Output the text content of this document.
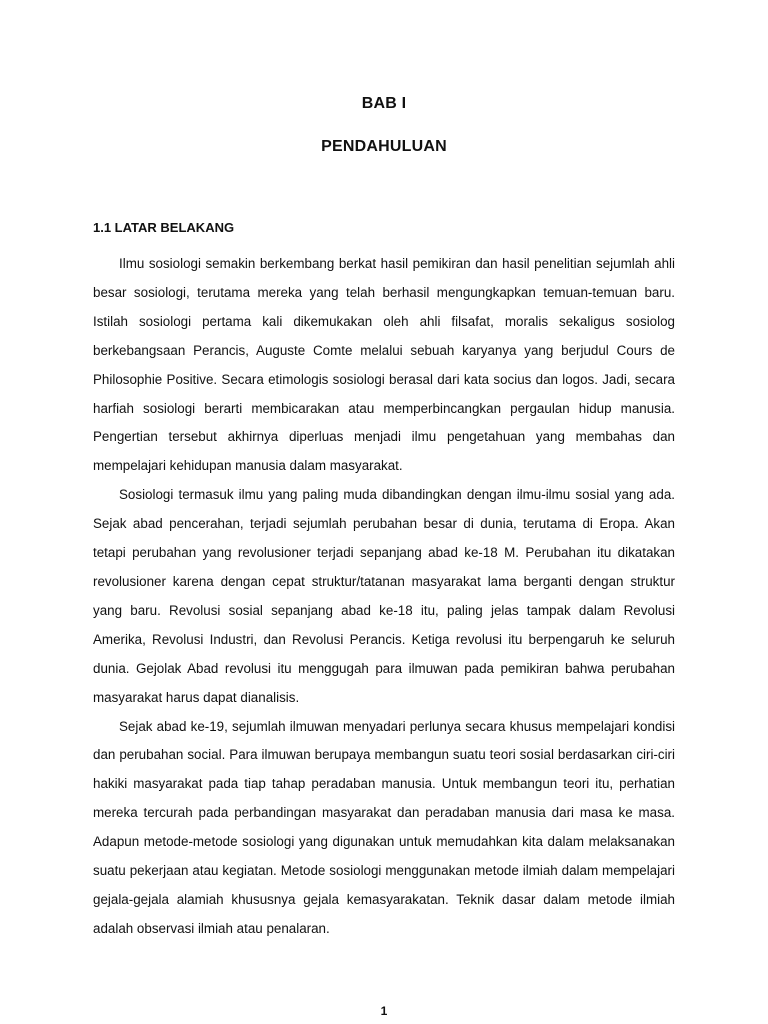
BAB I
PENDAHULUAN
1.1 LATAR BELAKANG

Ilmu sosiologi semakin berkembang berkat hasil pemikiran dan hasil penelitian sejumlah ahli besar sosiologi, terutama mereka yang telah berhasil mengungkapkan temuan-temuan baru. Istilah sosiologi pertama kali dikemukakan oleh ahli filsafat, moralis sekaligus sosiolog berkebangsaan Perancis, Auguste Comte melalui sebuah karyanya yang berjudul Cours de Philosophie Positive. Secara etimologis sosiologi berasal dari kata socius dan logos. Jadi, secara harfiah sosiologi berarti membicarakan atau memperbincangkan pergaulan hidup manusia. Pengertian tersebut akhirnya diperluas menjadi ilmu pengetahuan yang membahas dan mempelajari kehidupan manusia dalam masyarakat.

Sosiologi termasuk ilmu yang paling muda dibandingkan dengan ilmu-ilmu sosial yang ada. Sejak abad pencerahan, terjadi sejumlah perubahan besar di dunia, terutama di Eropa. Akan tetapi perubahan yang revolusioner terjadi sepanjang abad ke-18 M. Perubahan itu dikatakan revolusioner karena dengan cepat struktur/tatanan masyarakat lama berganti dengan struktur yang baru. Revolusi sosial sepanjang abad ke-18 itu, paling jelas tampak dalam Revolusi Amerika, Revolusi Industri, dan Revolusi Perancis. Ketiga revolusi itu berpengaruh ke seluruh dunia. Gejolak Abad revolusi itu menggugah para ilmuwan pada pemikiran bahwa perubahan masyarakat harus dapat dianalisis.

Sejak abad ke-19, sejumlah ilmuwan menyadari perlunya secara khusus mempelajari kondisi dan perubahan social. Para ilmuwan berupaya membangun suatu teori sosial berdasarkan ciri-ciri hakiki masyarakat pada tiap tahap peradaban manusia. Untuk membangun teori itu, perhatian mereka tercurah pada perbandingan masyarakat dan peradaban manusia dari masa ke masa. Adapun metode-metode sosiologi yang digunakan untuk memudahkan kita dalam melaksanakan suatu pekerjaan atau kegiatan. Metode sosiologi menggunakan metode ilmiah dalam mempelajari gejala-gejala alamiah khususnya gejala kemasyarakatan. Teknik dasar dalam metode ilmiah adalah observasi ilmiah atau penalaran.

1
